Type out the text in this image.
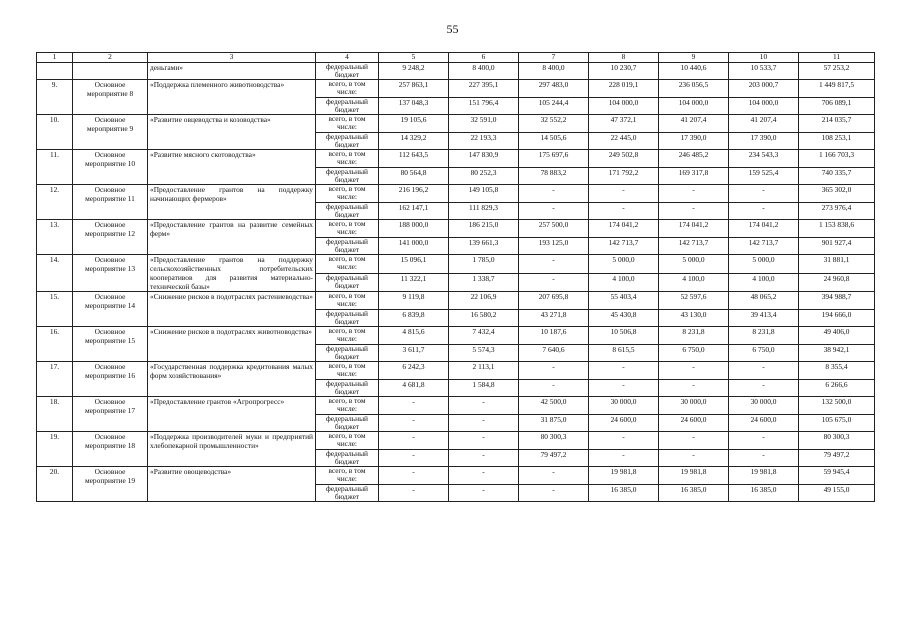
55
1	2	3	4	5	6	7	8	9	10	11
		деньгами»	федеральный бюджет	9 248,2	8 400,0	8 400,0	10 230,7	10 440,6	10 533,7	57 253,2
9.	Основное мероприятие 8	«Поддержка племенного животноводства»	всего, в том числе:	257 863,1	227 395,1	297 483,0	228 019,1	236 056,5	203 000,7	1 449 817,5
			федеральный бюджет	137 048,3	151 796,4	105 244,4	104 000,0	104 000,0	104 000,0	706 089,1
10.	Основное мероприятие 9	«Развитие овцеводства и козоводства»	всего, в том числе:	19 105,6	32 591,0	32 552,2	47 372,1	41 207,4	41 207,4	214 035,7
			федеральный бюджет	14 329,2	22 193,3	14 505,6	22 445,0	17 390,0	17 390,0	108 253,1
11.	Основное мероприятие 10	«Развитие мясного скотоводства»	всего, в том числе:	112 643,5	147 830,9	175 697,6	249 502,8	246 485,2	234 543,3	1 166 703,3
			федеральный бюджет	80 564,8	80 252,3	78 883,2	171 792,2	169 317,8	159 525,4	740 335,7
12.	Основное мероприятие 11	«Предоставление грантов на поддержку начинающих фермеров»	всего, в том числе:	216 196,2	149 105,8	-	-	-	-	365 302,0
			федеральный бюджет	162 147,1	111 829,3	-	-	-	-	273 976,4
13.	Основное мероприятие 12	«Предоставление грантов на развитие семейных ферм»	всего, в том числе:	188 000,0	186 215,0	257 500,0	174 041,2	174 041,2	174 041,2	1 153 838,6
			федеральный бюджет	141 000,0	139 661,3	193 125,0	142 713,7	142 713,7	142 713,7	901 927,4
14.	Основное мероприятие 13	«Предоставление грантов на поддержку сельскохозяйственных потребительских кооперативов для развития материально-технической базы»	всего, в том числе:	15 096,1	1 785,0	-	5 000,0	5 000,0	5 000,0	31 881,1
			федеральный бюджет	11 322,1	1 338,7	-	4 100,0	4 100,0	4 100,0	24 960,8
15.	Основное мероприятие 14	«Снижение рисков в подотраслях растениеводства»	всего, в том числе:	9 119,8	22 106,9	207 695,8	55 403,4	52 597,6	48 065,2	394 988,7
			федеральный бюджет	6 839,8	16 580,2	43 271,8	45 430,8	43 130,0	39 413,4	194 666,0
16.	Основное мероприятие 15	«Снижение рисков в подотраслях животноводства»	всего, в том числе:	4 815,6	7 432,4	10 187,6	10 506,8	8 231,8	8 231,8	49 406,0
			федеральный бюджет	3 611,7	5 574,3	7 640,6	8 615,5	6 750,0	6 750,0	38 942,1
17.	Основное мероприятие 16	«Государственная поддержка кредитования малых форм хозяйствования»	всего, в том числе:	6 242,3	2 113,1	-	-	-	-	8 355,4
			федеральный бюджет	4 681,8	1 584,8	-	-	-	-	6 266,6
18.	Основное мероприятие 17	«Предоставление грантов «Агропрогресс»	всего, в том числе:	-	-	42 500,0	30 000,0	30 000,0	30 000,0	132 500,0
			федеральный бюджет	-	-	31 875,0	24 600,0	24 600,0	24 600,0	105 675,0
19.	Основное мероприятие 18	«Поддержка производителей муки и предприятий хлебопекарной промышленности»	всего, в том числе:	-	-	80 300,3	-	-	-	80 300,3
			федеральный бюджет	-	-	79 497,2	-	-	-	79 497,2
20.	Основное мероприятие 19	«Развитие овощеводства»	всего, в том числе:	-	-	-	19 981,8	19 981,8	19 981,8	59 945,4
			федеральный бюджет	-	-	-	16 385,0	16 385,0	16 385,0	49 155,0
